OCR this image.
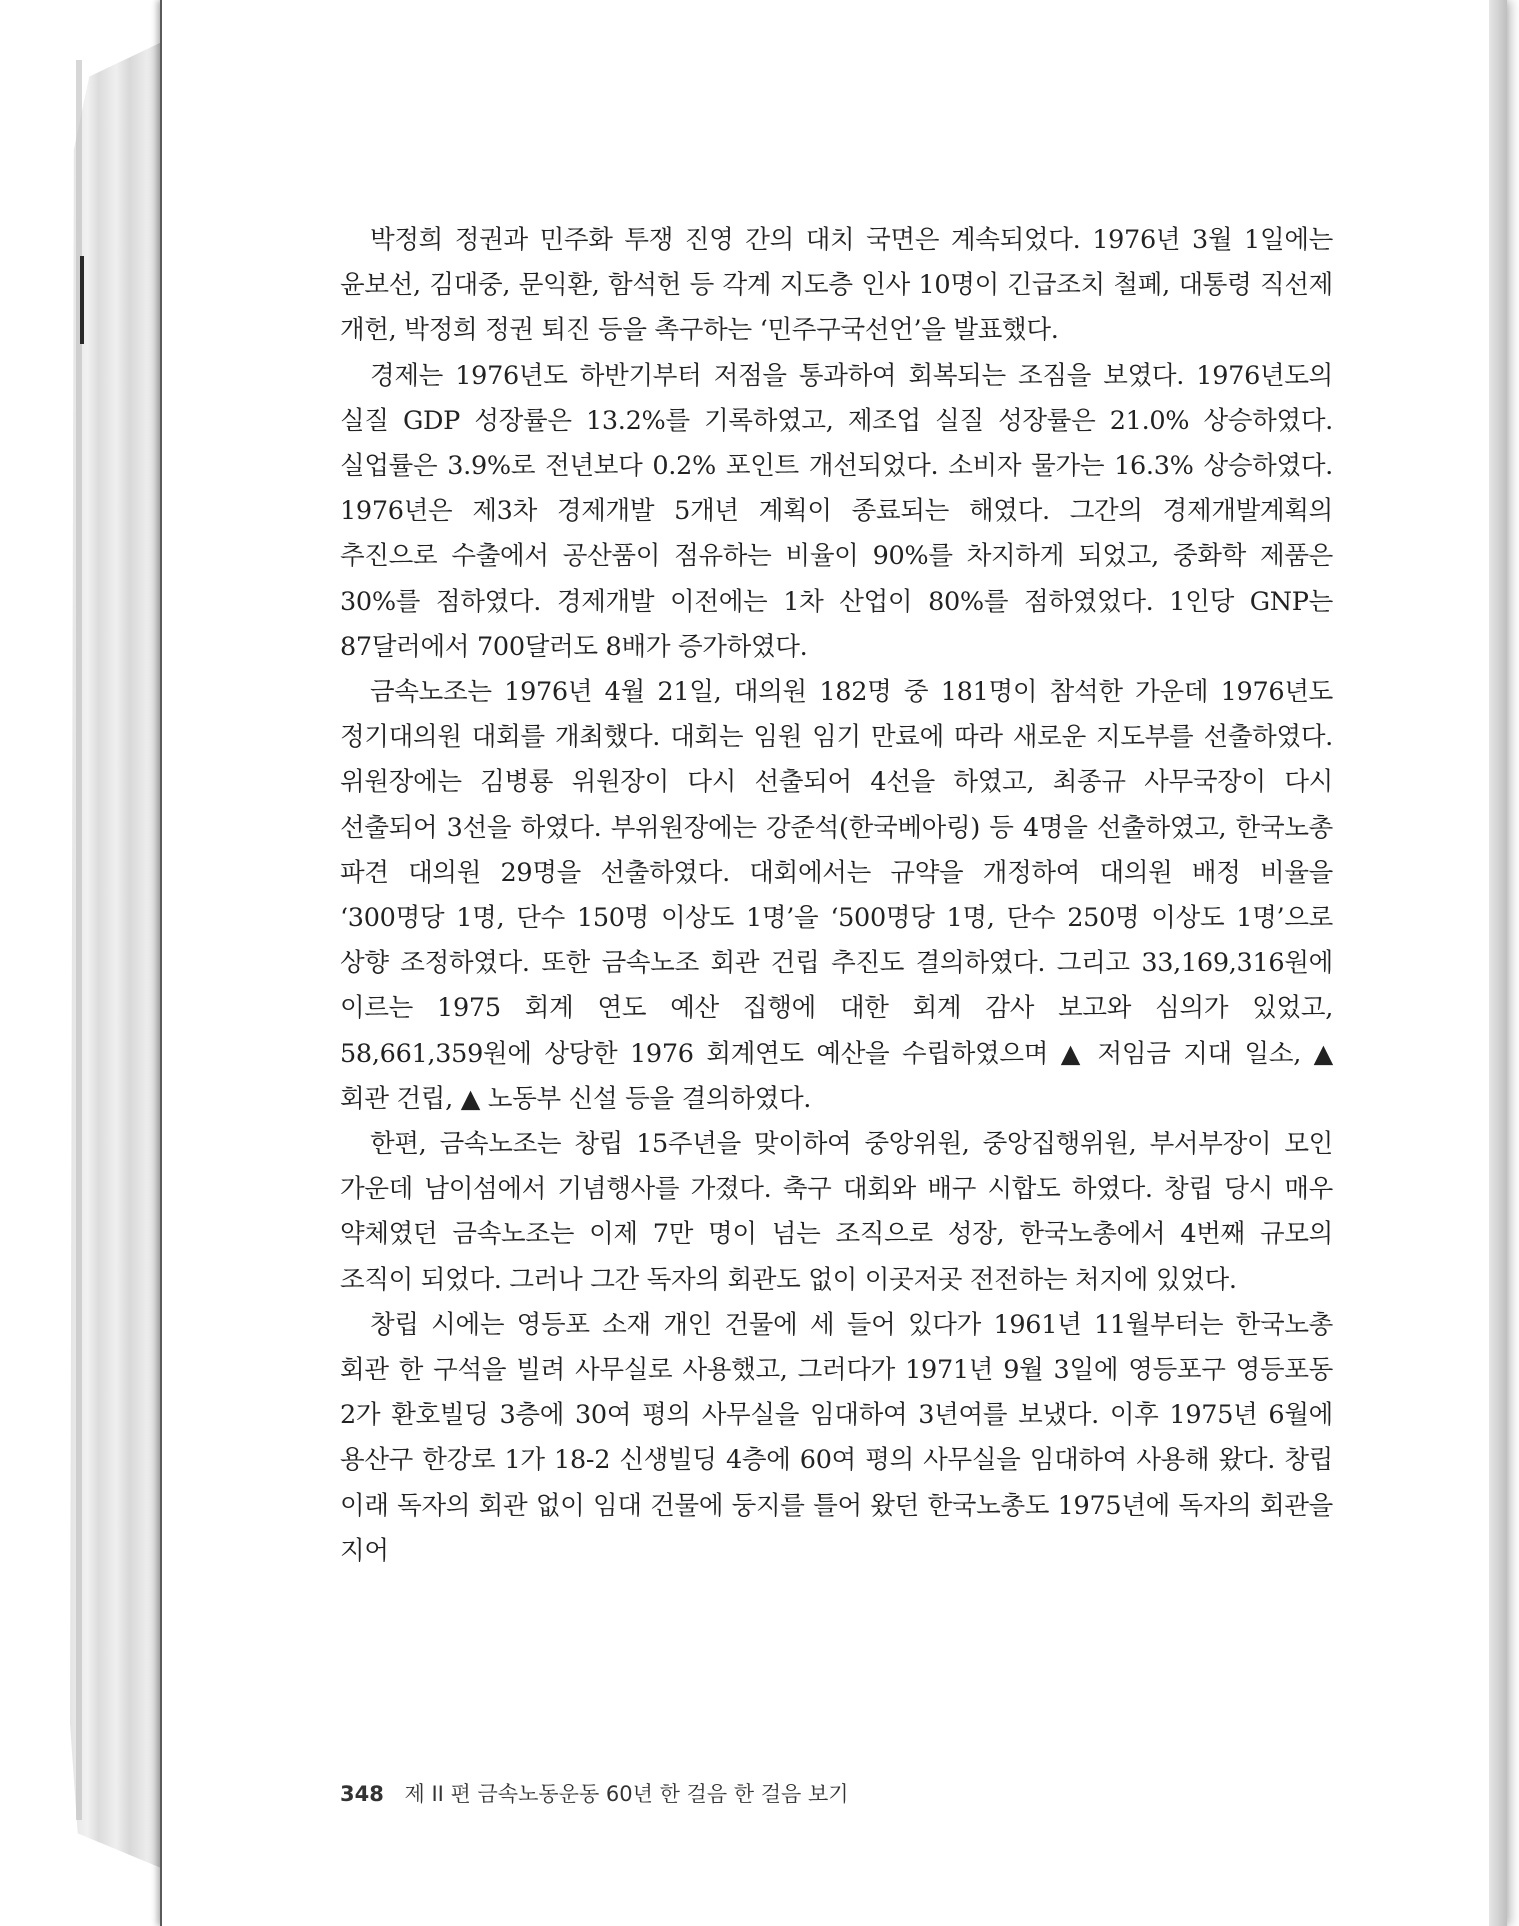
박정희 정권과 민주화 투쟁 진영 간의 대치 국면은 계속되었다. 1976년 3월 1일에는 윤보선, 김대중, 문익환, 함석헌 등 각계 지도층 인사 10명이 긴급조치 철폐, 대통령 직선제 개헌, 박정희 정권 퇴진 등을 촉구하는 ‘민주구국선언’을 발표했다.

경제는 1976년도 하반기부터 저점을 통과하여 회복되는 조짐을 보였다. 1976년도의 실질 GDP 성장률은 13.2%를 기록하였고, 제조업 실질 성장률은 21.0% 상승하였다. 실업률은 3.9%로 전년보다 0.2% 포인트 개선되었다. 소비자 물가는 16.3% 상승하였다. 1976년은 제3차 경제개발 5개년 계획이 종료되는 해였다. 그간의 경제개발계획의 추진으로 수출에서 공산품이 점유하는 비율이 90%를 차지하게 되었고, 중화학 제품은 30%를 점하였다. 경제개발 이전에는 1차 산업이 80%를 점하였었다. 1인당 GNP는 87달러에서 700달러도 8배가 증가하였다.

금속노조는 1976년 4월 21일, 대의원 182명 중 181명이 참석한 가운데 1976년도 정기대의원 대회를 개최했다. 대회는 임원 임기 만료에 따라 새로운 지도부를 선출하였다. 위원장에는 김병룡 위원장이 다시 선출되어 4선을 하였고, 최종규 사무국장이 다시 선출되어 3선을 하였다. 부위원장에는 강준석(한국베아링) 등 4명을 선출하였고, 한국노총 파견 대의원 29명을 선출하였다. 대회에서는 규약을 개정하여 대의원 배정 비율을 ‘300명당 1명, 단수 150명 이상도 1명’을 ‘500명당 1명, 단수 250명 이상도 1명’으로 상향 조정하였다. 또한 금속노조 회관 건립 추진도 결의하였다. 그리고 33,169,316원에 이르는 1975 회계 연도 예산 집행에 대한 회계 감사 보고와 심의가 있었고, 58,661,359원에 상당한 1976 회계연도 예산을 수립하였으며 ▲ 저임금 지대 일소, ▲ 회관 건립, ▲ 노동부 신설 등을 결의하였다.

한편, 금속노조는 창립 15주년을 맞이하여 중앙위원, 중앙집행위원, 부서부장이 모인 가운데 남이섬에서 기념행사를 가졌다. 축구 대회와 배구 시합도 하였다. 창립 당시 매우 약체였던 금속노조는 이제 7만 명이 넘는 조직으로 성장, 한국노총에서 4번째 규모의 조직이 되었다. 그러나 그간 독자의 회관도 없이 이곳저곳 전전하는 처지에 있었다.

창립 시에는 영등포 소재 개인 건물에 세 들어 있다가 1961년 11월부터는 한국노총 회관 한 구석을 빌려 사무실로 사용했고, 그러다가 1971년 9월 3일에 영등포구 영등포동 2가 환호빌딩 3층에 30여 평의 사무실을 임대하여 3년여를 보냈다. 이후 1975년 6월에 용산구 한강로 1가 18-2 신생빌딩 4층에 60여 평의 사무실을 임대하여 사용해 왔다. 창립 이래 독자의 회관 없이 임대 건물에 둥지를 틀어 왔던 한국노총도 1975년에 독자의 회관을 지어

348 제 II 편 금속노동운동 60년 한 걸음 한 걸음 보기
